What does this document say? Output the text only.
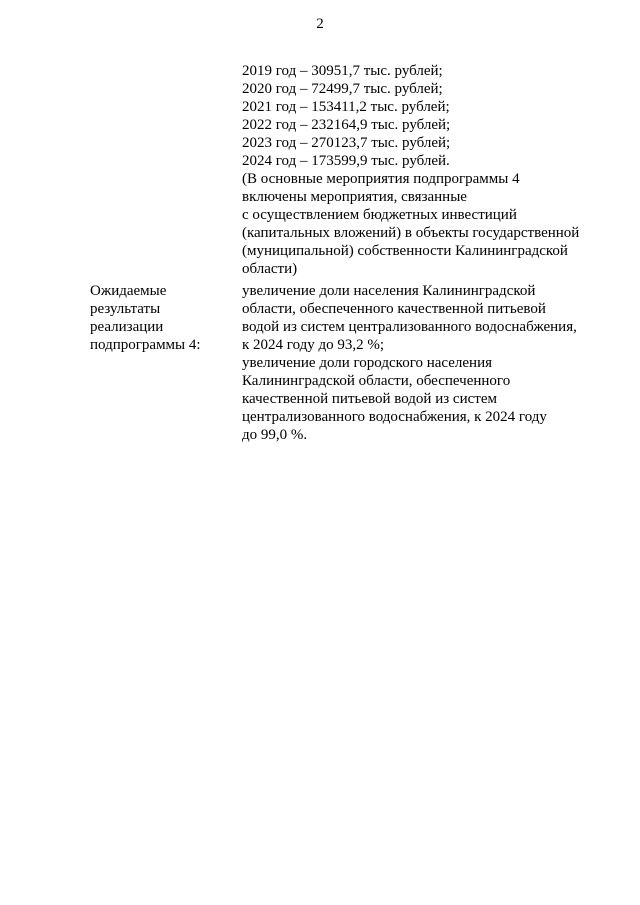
2
2019 год – 30951,7 тыс. рублей;
2020 год – 72499,7 тыс. рублей;
2021 год – 153411,2 тыс. рублей;
2022 год – 232164,9 тыс. рублей;
2023 год – 270123,7 тыс. рублей;
2024 год – 173599,9 тыс. рублей.
(В основные мероприятия подпрограммы 4
включены мероприятия, связанные
с осуществлением бюджетных инвестиций
(капитальных вложений) в объекты государственной
(муниципальной) собственности Калининградской
области)
Ожидаемые
результаты
реализации
подпрограммы 4:
увеличение доли населения Калининградской
области, обеспеченного качественной питьевой
водой из систем централизованного водоснабжения,
к 2024 году до 93,2 %;
увеличение доли городского населения
Калининградской области, обеспеченного
качественной питьевой водой из систем
централизованного водоснабжения, к 2024 году
до 99,0 %.
